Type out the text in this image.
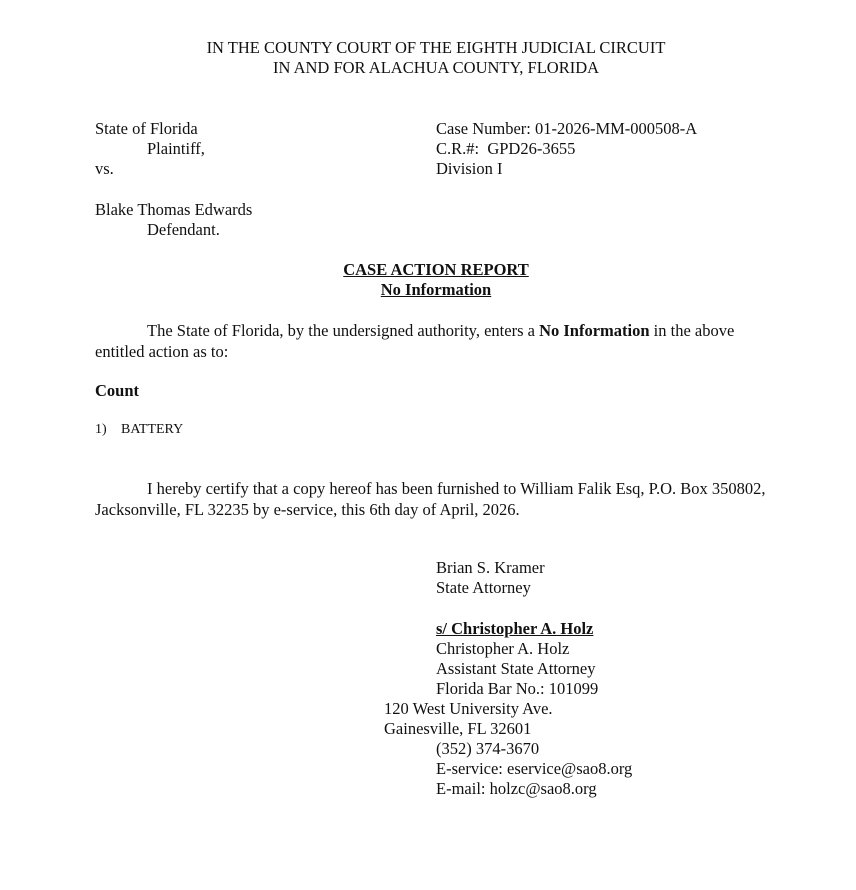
IN THE COUNTY COURT OF THE EIGHTH JUDICIAL CIRCUIT
IN AND FOR ALACHUA COUNTY, FLORIDA
State of Florida
Plaintiff,
vs.
Blake Thomas Edwards
Defendant.
Case Number: 01-2026-MM-000508-A
C.R.#:  GPD26-3655
Division I
CASE ACTION REPORT
No Information
The State of Florida, by the undersigned authority, enters a No Information in the above entitled action as to:
Count
1) BATTERY
I hereby certify that a copy hereof has been furnished to William Falik Esq, P.O. Box 350802, Jacksonville, FL 32235 by e-service, this 6th day of April, 2026.
Brian S. Kramer
State Attorney
s/ Christopher A. Holz
Christopher A. Holz
Assistant State Attorney
Florida Bar No.: 101099
120 West University Ave.
Gainesville, FL 32601
(352) 374-3670
E-service: eservice@sao8.org
E-mail: holzc@sao8.org
